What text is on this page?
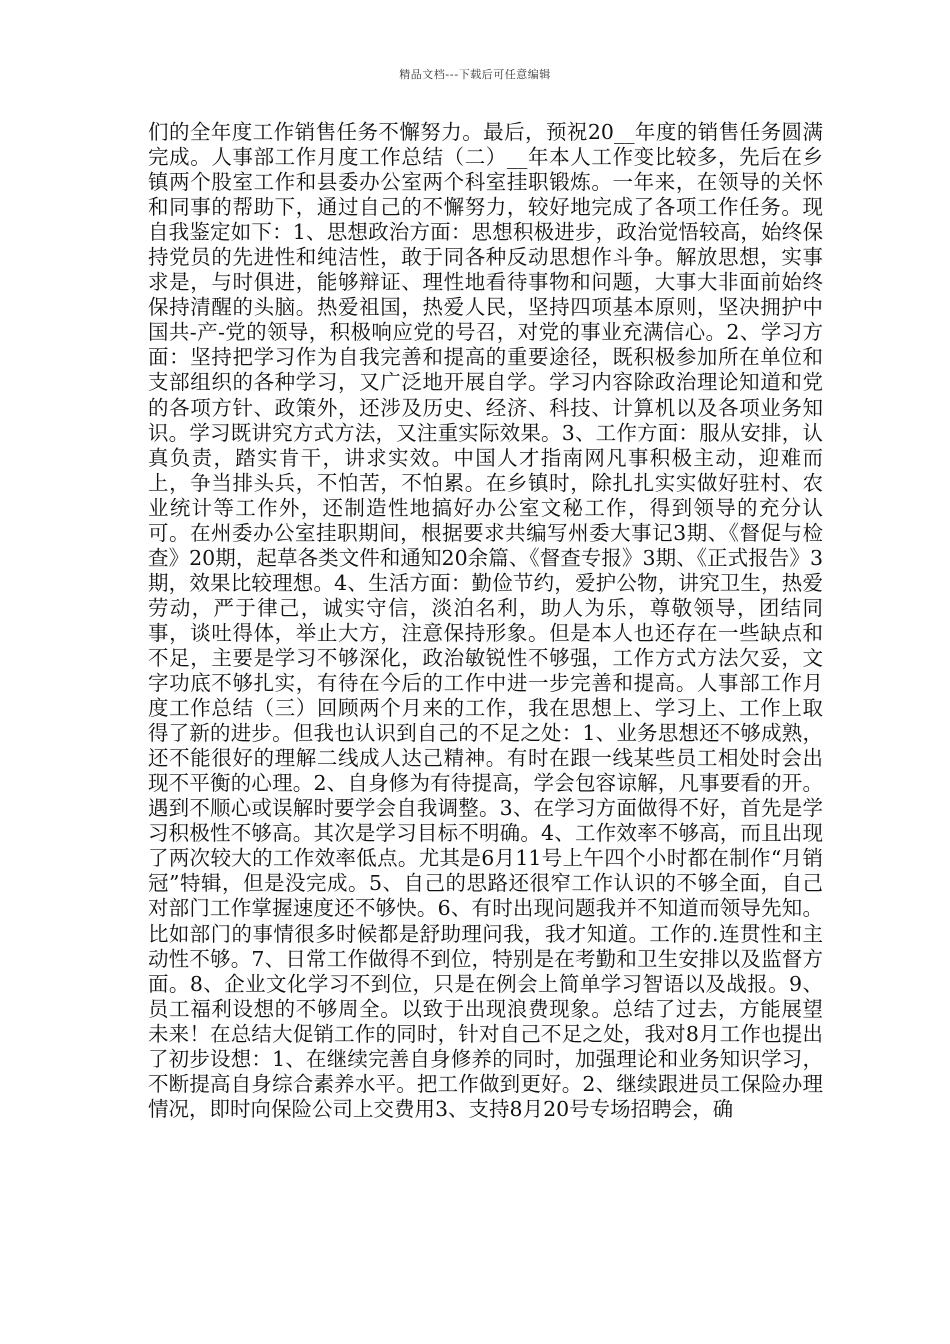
精品文档---下载后可任意编辑

们的全年度工作销售任务不懈努力。最后，预祝20__年度的销售任务圆满完成。人事部工作月度工作总结（二）__年本人工作变比较多，先后在乡镇两个股室工作和县委办公室两个科室挂职锻炼。一年来，在领导的关怀和同事的帮助下，通过自己的不懈努力，较好地完成了各项工作任务。现自我鉴定如下：1、思想政治方面：思想积极进步，政治觉悟较高，始终保持党员的先进性和纯洁性，敢于同各种反动思想作斗争。解放思想，实事求是，与时俱进，能够辩证、理性地看待事物和问题，大事大非面前始终保持清醒的头脑。热爱祖国，热爱人民，坚持四项基本原则，坚决拥护中国共-产-党的领导，积极响应党的号召，对党的事业充满信心。2、学习方面：坚持把学习作为自我完善和提高的重要途径，既积极参加所在单位和支部组织的各种学习，又广泛地开展自学。学习内容除政治理论知道和党的各项方针、政策外，还涉及历史、经济、科技、计算机以及各项业务知识。学习既讲究方式方法，又注重实际效果。3、工作方面：服从安排，认真负责，踏实肯干，讲求实效。中国人才指南网凡事积极主动，迎难而上，争当排头兵，不怕苦，不怕累。在乡镇时，除扎扎实实做好驻村、农业统计等工作外，还制造性地搞好办公室文秘工作，得到领导的充分认可。在州委办公室挂职期间，根据要求共编写州委大事记3期、《督促与检查》20期，起草各类文件和通知20余篇、《督查专报》3期、《正式报告》3期，效果比较理想。4、生活方面：勤俭节约，爱护公物，讲究卫生，热爱劳动，严于律己，诚实守信，淡泊名利，助人为乐，尊敬领导，团结同事，谈吐得体，举止大方，注意保持形象。但是本人也还存在一些缺点和不足，主要是学习不够深化，政治敏锐性不够强，工作方式方法欠妥，文字功底不够扎实，有待在今后的工作中进一步完善和提高。人事部工作月度工作总结（三）回顾两个月来的工作，我在思想上、学习上、工作上取得了新的进步。但我也认识到自己的不足之处：1、业务思想还不够成熟，还不能很好的理解二线成人达己精神。有时在跟一线某些员工相处时会出现不平衡的心理。2、自身修为有待提高，学会包容谅解，凡事要看的开。遇到不顺心或误解时要学会自我调整。3、在学习方面做得不好，首先是学习积极性不够高。其次是学习目标不明确。4、工作效率不够高，而且出现了两次较大的工作效率低点。尤其是6月11号上午四个小时都在制作“月销冠”特辑，但是没完成。5、自己的思路还很窄工作认识的不够全面，自己对部门工作掌握速度还不够快。6、有时出现问题我并不知道而领导先知。比如部门的事情很多时候都是舒助理问我，我才知道。工作的.连贯性和主动性不够。7、日常工作做得不到位，特别是在考勤和卫生安排以及监督方面。8、企业文化学习不到位，只是在例会上简单学习智语以及战报。9、员工福利设想的不够周全。以致于出现浪费现象。总结了过去，方能展望未来！在总结大促销工作的同时，针对自己不足之处，我对8月工作也提出了初步设想：1、在继续完善自身修养的同时，加强理论和业务知识学习，不断提高自身综合素养水平。把工作做到更好。2、继续跟进员工保险办理情况，即时向保险公司上交费用3、支持8月20号专场招聘会，确
